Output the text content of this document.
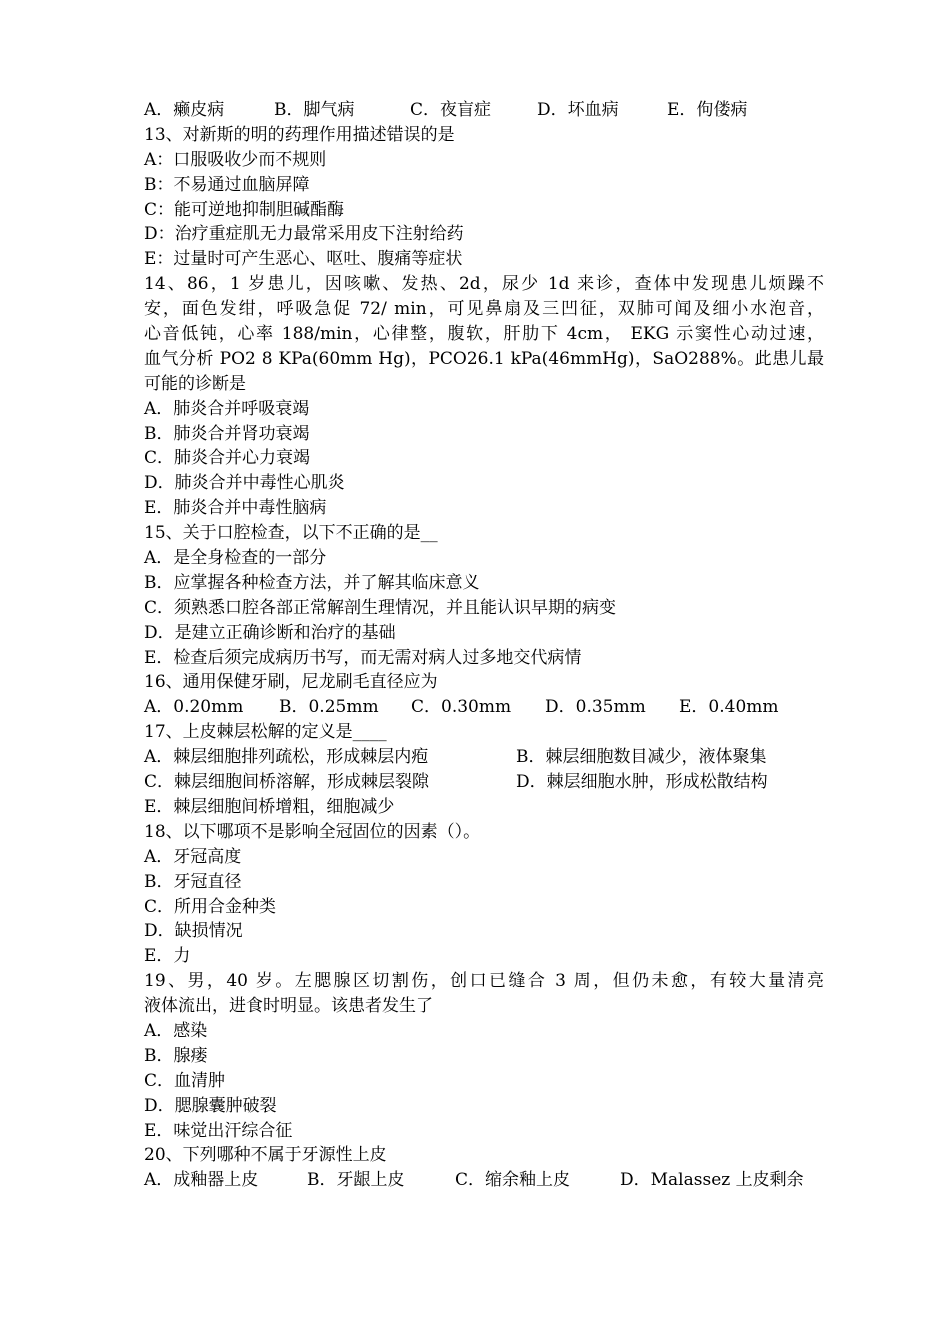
A．癞皮病	B．脚气病	C．夜盲症	D．坏血病	E．佝偻病
13、对新斯的明的药理作用描述错误的是
A：口服吸收少而不规则
B：不易通过血脑屏障
C：能可逆地抑制胆碱酯酶
D：治疗重症肌无力最常采用皮下注射给药
E：过量时可产生恶心、呕吐、腹痛等症状
14、86，1 岁患儿，因咳嗽、发热、2d，尿少 1d 来诊，查体中发现患儿烦躁不
安，面色发绀，呼吸急促 72/ min，可见鼻扇及三凹征，双肺可闻及细小水泡音，
心音低钝，心率 188/min，心律整，腹软，肝肋下 4cm， EKG 示窦性心动过速，
血气分析 PO2 8 KPa(60mm Hg)，PCO26.1 kPa(46mmHg)，SaO288%。此患儿最
可能的诊断是
A．肺炎合并呼吸衰竭
B．肺炎合并肾功衰竭
C．肺炎合并心力衰竭
D．肺炎合并中毒性心肌炎
E．肺炎合并中毒性脑病
15、关于口腔检查，以下不正确的是__
A．是全身检查的一部分
B．应掌握各种检查方法，并了解其临床意义
C．须熟悉口腔各部正常解剖生理情况，并且能认识早期的病变
D．是建立正确诊断和治疗的基础
E．检查后须完成病历书写，而无需对病人过多地交代病情
16、通用保健牙刷，尼龙刷毛直径应为
A．0.20mm B．0.25mm C．0.30mm D．0.35mm E．0.40mm
17、上皮棘层松解的定义是____
A．棘层细胞排列疏松，形成棘层内疱	B．棘层细胞数目减少，液体聚集
C．棘层细胞间桥溶解，形成棘层裂隙	D．棘层细胞水肿，形成松散结构
E．棘层细胞间桥增粗，细胞减少
18、以下哪项不是影响全冠固位的因素（）。
A．牙冠高度
B．牙冠直径
C．所用合金种类
D．缺损情况
E．力
19、男，40 岁。左腮腺区切割伤，创口已缝合 3 周，但仍未愈，有较大量清亮
液体流出，进食时明显。该患者发生了
A．感染
B．腺瘘
C．血清肿
D．腮腺囊肿破裂
E．味觉出汗综合征
20、下列哪种不属于牙源性上皮
A．成釉器上皮	B．牙龈上皮	C．缩余釉上皮	D．Malassez 上皮剩余
